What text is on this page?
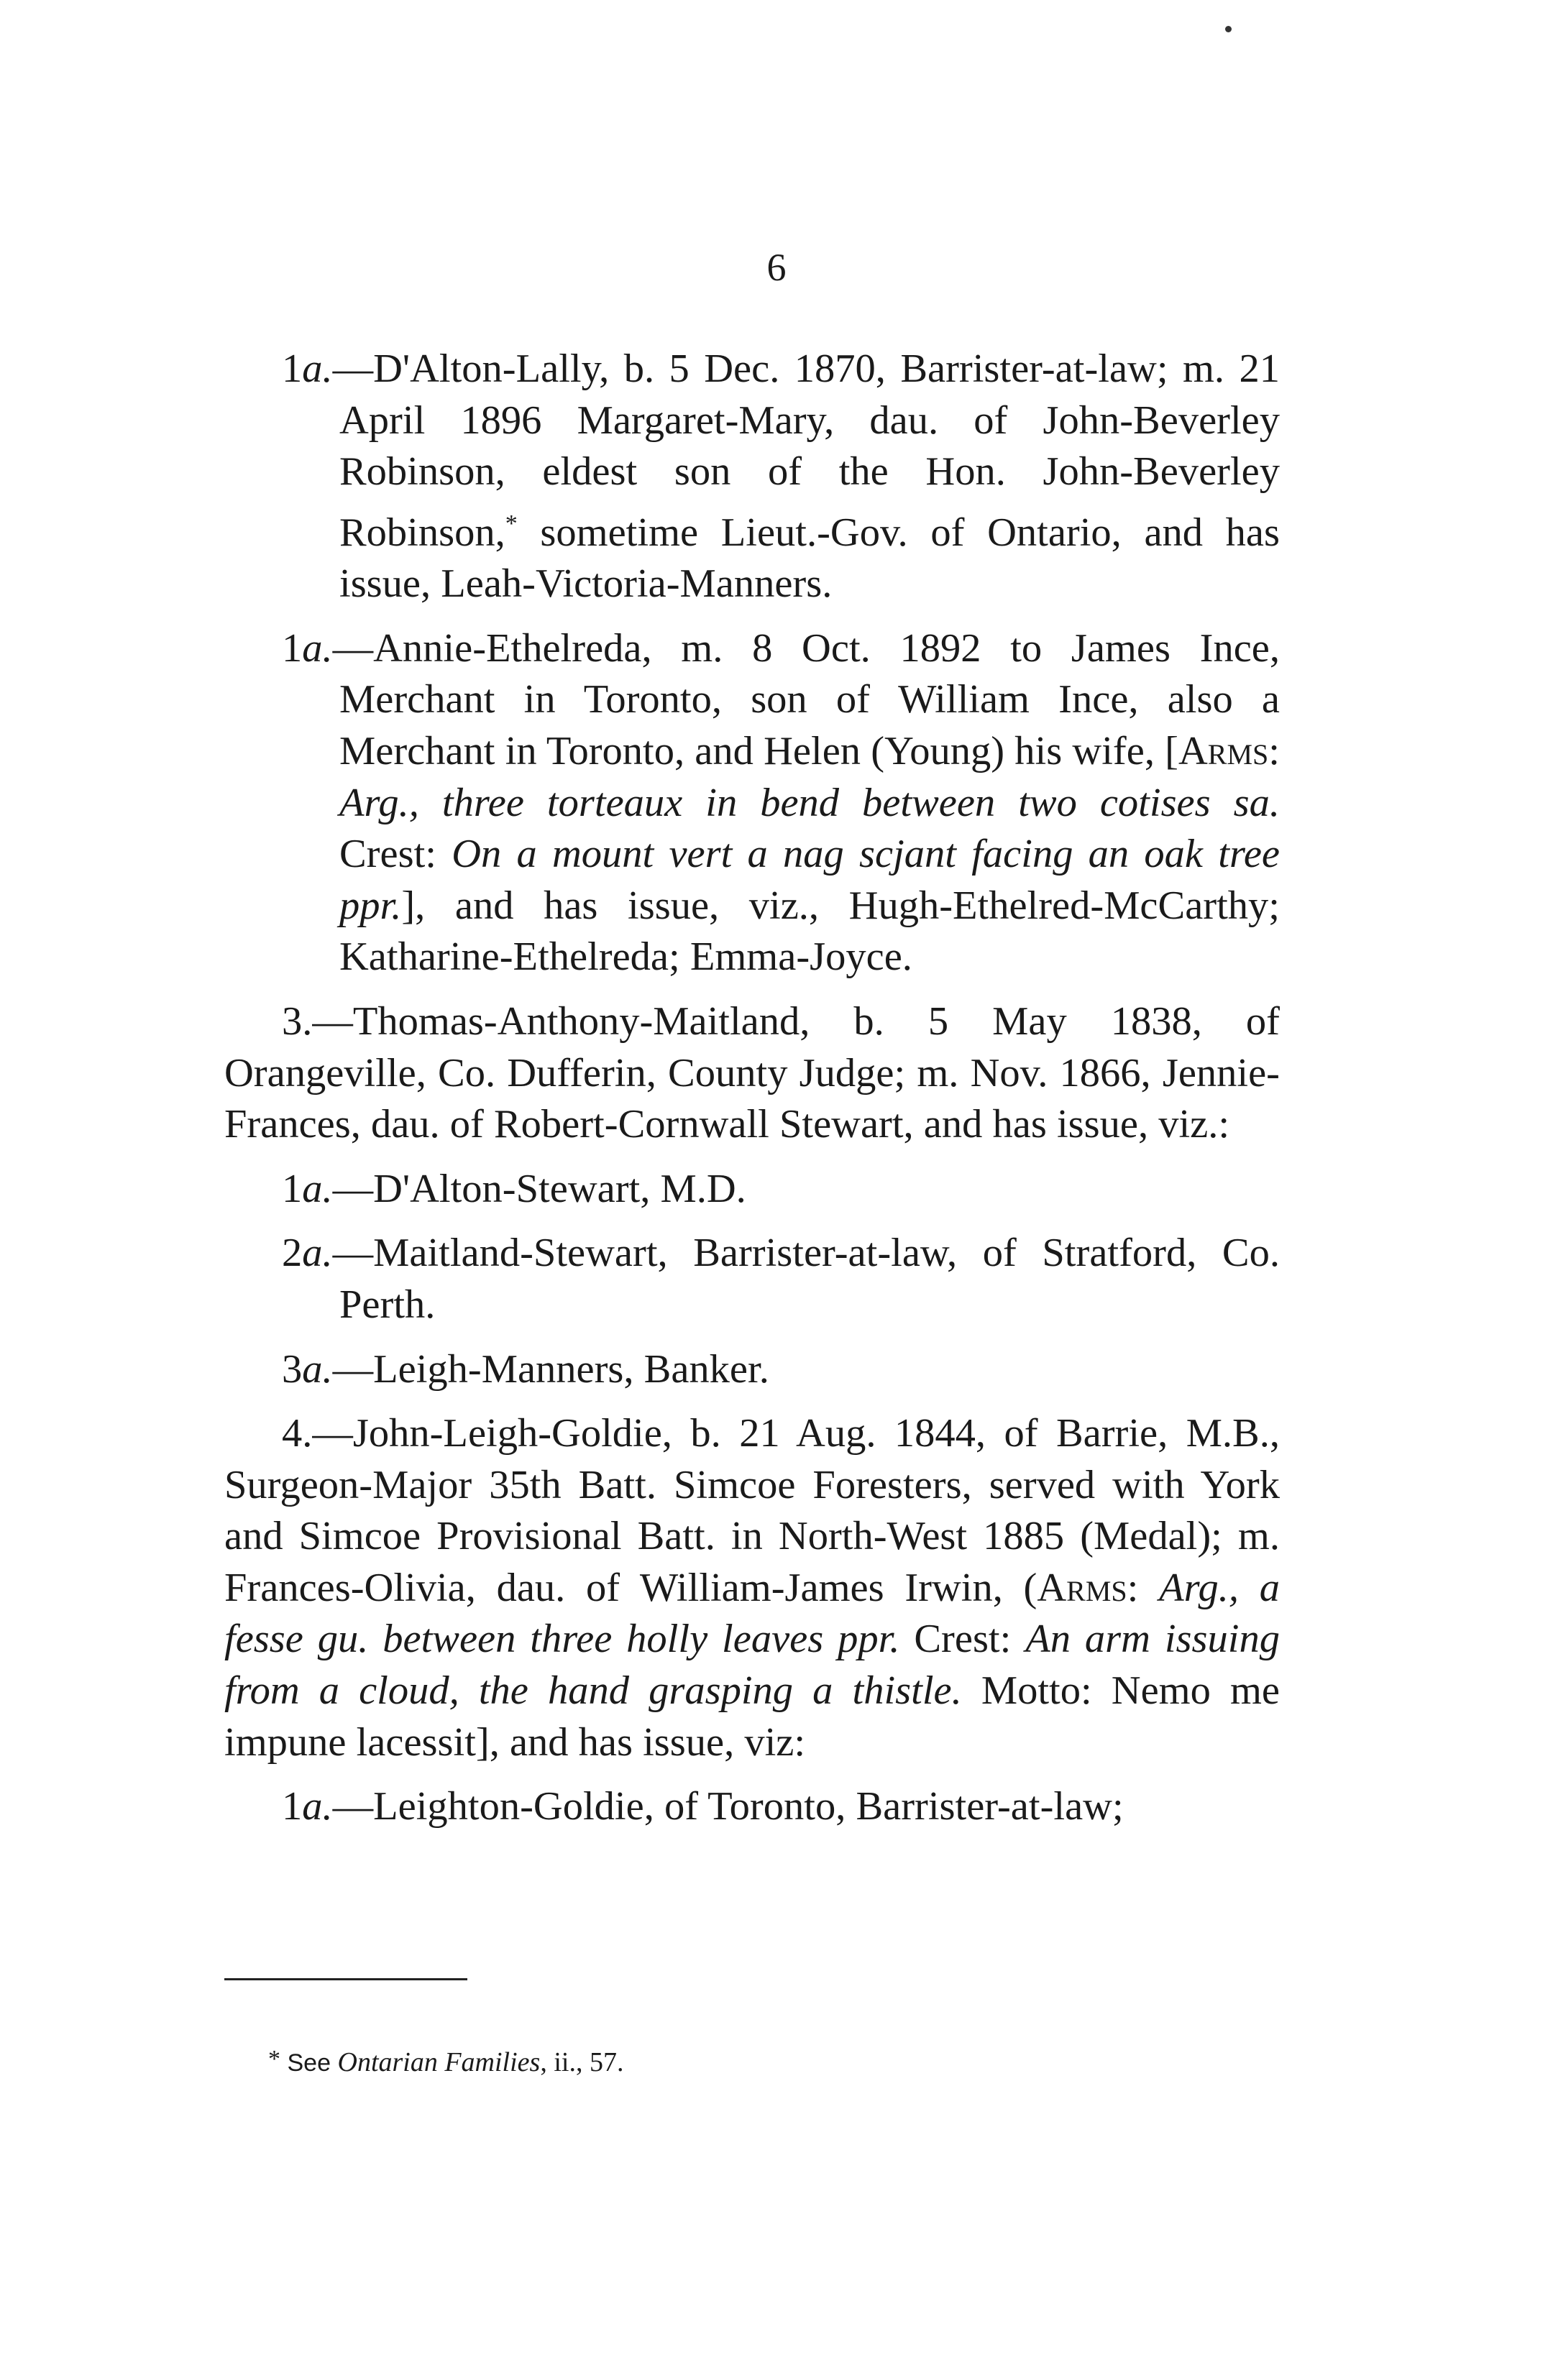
6

1a.—D'Alton-Lally, b. 5 Dec. 1870, Barrister-at-law; m. 21 April 1896 Margaret-Mary, dau. of John-Beverley Robinson, eldest son of the Hon. John-Beverley Robinson,* sometime Lieut.-Gov. of Ontario, and has issue, Leah-Victoria-Manners.

1a.—Annie-Ethelreda, m. 8 Oct. 1892 to James Ince, Merchant in Toronto, son of William Ince, also a Merchant in Toronto, and Helen (Young) his wife, [Arms: Arg., three torteaux in bend between two cotises sa. Crest: On a mount vert a nag scjant facing an oak tree ppr.], and has issue, viz., Hugh-Ethelred-McCarthy; Katharine-Ethelreda; Emma-Joyce.

3.—Thomas-Anthony-Maitland, b. 5 May 1838, of Orangeville, Co. Dufferin, County Judge; m. Nov. 1866, Jennie-Frances, dau. of Robert-Cornwall Stewart, and has issue, viz.:

1a.—D'Alton-Stewart, M.D.

2a.—Maitland-Stewart, Barrister-at-law, of Stratford, Co. Perth.

3a.—Leigh-Manners, Banker.

4.—John-Leigh-Goldie, b. 21 Aug. 1844, of Barrie, M.B., Surgeon-Major 35th Batt. Simcoe Foresters, served with York and Simcoe Provisional Batt. in North-West 1885 (Medal); m. Frances-Olivia, dau. of William-James Irwin, (Arms: Arg., a fesse gu. between three holly leaves ppr. Crest: An arm issuing from a cloud, the hand grasping a thistle. Motto: Nemo me impune lacessit], and has issue, viz:

1a.—Leighton-Goldie, of Toronto, Barrister-at-law;

* See Ontarian Families, ii., 57.
